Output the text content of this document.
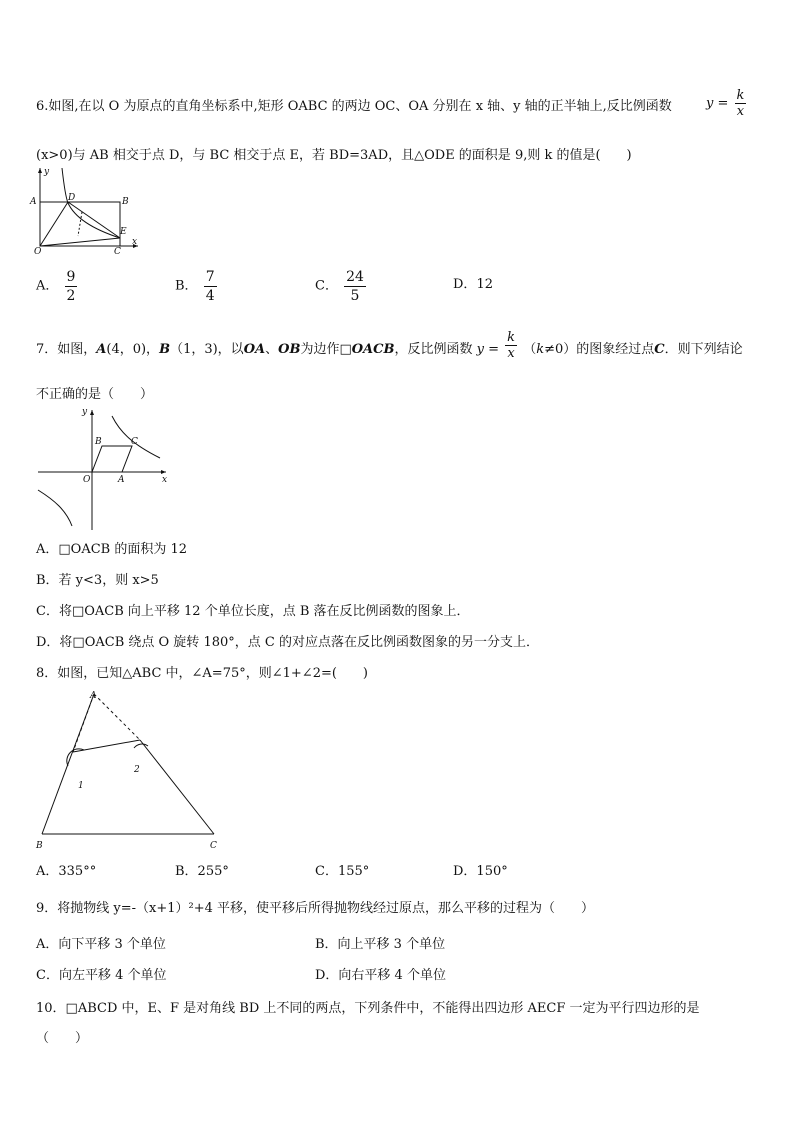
6.如图,在以 O 为原点的直角坐标系中,矩形 OABC 的两边 OC、OA 分别在 x 轴、y 轴的正半轴上,反比例函数	$y = \frac{k}{x}$
(x>0)与 AB 相交于点 D，与 BC 相交于点 E，若 BD=3AD，且△ODE 的面积是 9,则 k 的值是(　　)
y
x
A	B
C
D
E
O
A． $\frac{9}{2}$	B． $\frac{7}{4}$	C． $\frac{24}{5}$	D．12
7．如图，A(4，0)，B（1，3)，以OA、OB为边作□OACB，反比例函数 $y = \frac{k}{x} (k\ne 0)$的图象经过点C．则下列结论
不正确的是（　　）
y
x
O	A
B	C
A．□OACB 的面积为 12
B．若 y<3，则 x>5
C．将□OACB 向上平移 12 个单位长度，点 B 落在反比例函数的图象上．
D．将□OACB 绕点 O 旋转 180°，点 C 的对应点落在反比例函数图象的另一分支上．
8．如图，已知△ABC 中，∠A=75°，则∠1+∠2=(　　)
A
B	C
1
2
A．335°°	B．255°	C．155°	D．150°
9．将抛物线 y=-（x+1）²+4 平移，使平移后所得抛物线经过原点，那么平移的过程为（　　）
A．向下平移 3 个单位	B．向上平移 3 个单位
C．向左平移 4 个单位	D．向右平移 4 个单位
10．□ABCD 中，E、F 是对角线 BD 上不同的两点，下列条件中，不能得出四边形 AECF 一定为平行四边形的是
（　　）
